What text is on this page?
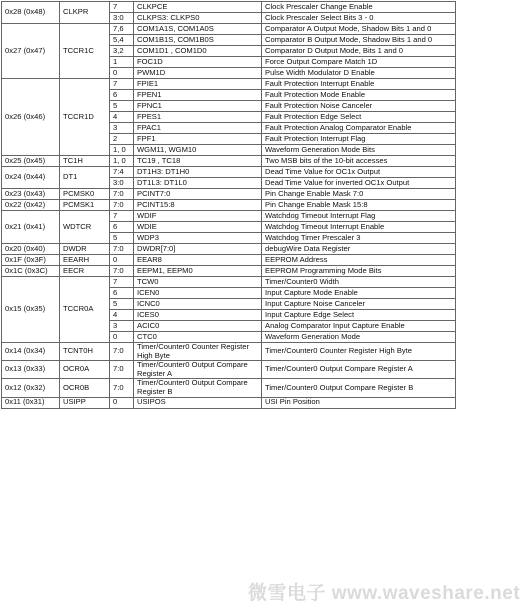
0x28 (0x48)	CLKPR	7	CLKPCE	Clock Prescaler Change Enable
		3:0	CLKPS3: CLKPS0	Clock Prescaler Select Bits 3 - 0
0x27 (0x47)	TCCR1C	7,6	COM1A1S, COM1A0S	Comparator A Output Mode, Shadow Bits 1 and 0
		5,4	COM1B1S, COM1B0S	Comparator B Output Mode, Shadow Bits 1 and 0
		3,2	COM1D1 , COM1D0	Comparator D Output Mode, Bits 1 and 0
		1	FOC1D	Force Output Compare Match 1D
		0	PWM1D	Pulse Width Modulator D Enable
0x26 (0x46)	TCCR1D	7	FPIE1	Fault Protection Interrupt Enable
		6	FPEN1	Fault Protection Mode Enable
		5	FPNC1	Fault Protection Noise Canceler
		4	FPES1	Fault Protection Edge Select
		3	FPAC1	Fault Protection Analog Comparator Enable
		2	FPF1	Fault Protection Interrupt Flag
		1, 0	WGM11, WGM10	Waveform Generation Mode Bits
0x25 (0x45)	TC1H	1, 0	TC19 , TC18	Two MSB bits of the 10-bit accesses
0x24 (0x44)	DT1	7:4	DT1H3: DT1H0	Dead Time Value for OC1x Output
		3:0	DT1L3: DT1L0	Dead Time Value for inverted OC1x Output
0x23 (0x43)	PCMSK0	7:0	PCINT7:0	Pin Change Enable Mask 7:0
0x22 (0x42)	PCMSK1	7:0	PCINT15:8	Pin Change Enable Mask 15:8
0x21 (0x41)	WDTCR	7	WDIF	Watchdog Timeout Interrupt Flag
		6	WDIE	Watchdog Timeout Interrupt Enable
		5	WDP3	Watchdog Timer Prescaler 3
0x20 (0x40)	DWDR	7:0	DWDR[7:0]	debugWire Data Register
0x1F (0x3F)	EEARH	0	EEAR8	EEPROM Address
0x1C (0x3C)	EECR	7:0	EEPM1, EEPM0	EEPROM Programming Mode Bits
0x15 (0x35)	TCCR0A	7	TCW0	Timer/Counter0 Width
		6	ICEN0	Input Capture Mode Enable
		5	ICNC0	Input Capture Noise Canceler
		4	ICES0	Input Capture Edge Select
		3	ACIC0	Analog Comparator Input Capture Enable
		0	CTC0	Waveform Generation Mode
0x14 (0x34)	TCNT0H	7:0	Timer/Counter0 Counter Register High Byte	Timer/Counter0 Counter Register High Byte
0x13 (0x33)	OCR0A	7:0	Timer/Counter0 Output Compare Register A	Timer/Counter0 Output Compare Register A
0x12 (0x32)	OCR0B	7:0	Timer/Counter0 Output Compare Register B	Timer/Counter0 Output Compare Register B
0x11 (0x31)	USIPP	0	USIPOS	USI Pin Position
微雪电子 www.waveshare.net
